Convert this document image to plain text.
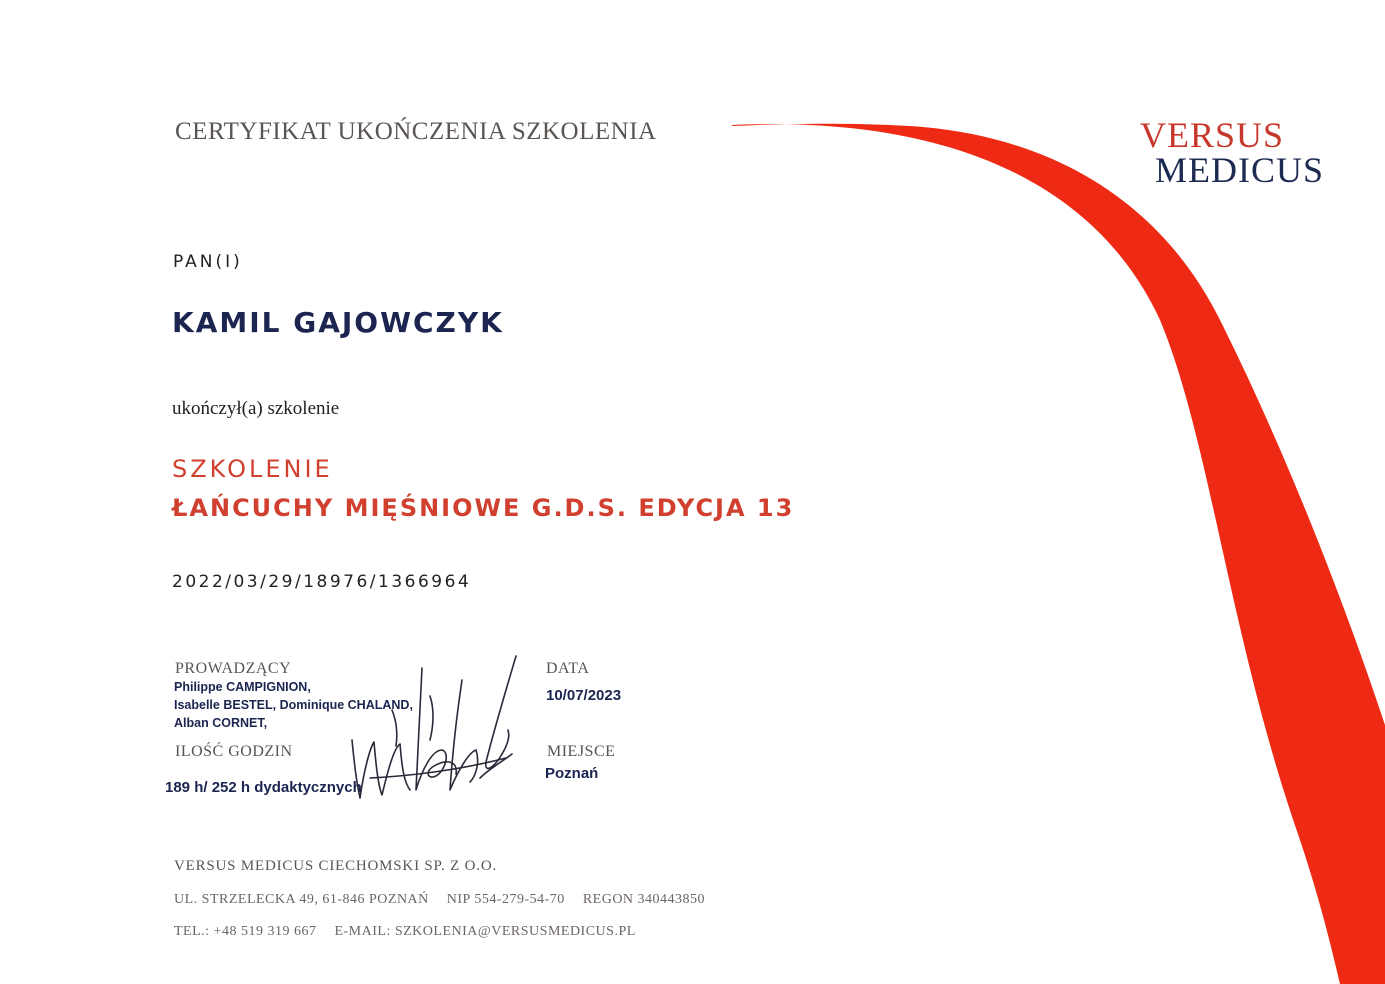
CERTYFIKAT UKOŃCZENIA SZKOLENIA	VERSUS
MEDICUS
PAN(I)
KAMIL GAJOWCZYK
ukończył(a) szkolenie
SZKOLENIE
ŁAŃCUCHY MIĘŚNIOWE G.D.S. EDYCJA 13
2022/03/29/18976/1366964
PROWADZĄCY
Philippe CAMPIGNION,
Isabelle BESTEL, Dominique CHALAND,
Alban CORNET,
ILOŚĆ GODZIN
189 h/ 252 h dydaktycznych
DATA
10/07/2023
MIEJSCE
Poznań
VERSUS MEDICUS CIECHOMSKI SP. Z O.O.
UL. STRZELECKA 49, 61-846 POZNAŃ NIP 554-279-54-70 REGON 340443850
TEL.: +48 519 319 667 E-MAIL: SZKOLENIA@VERSUSMEDICUS.PL
